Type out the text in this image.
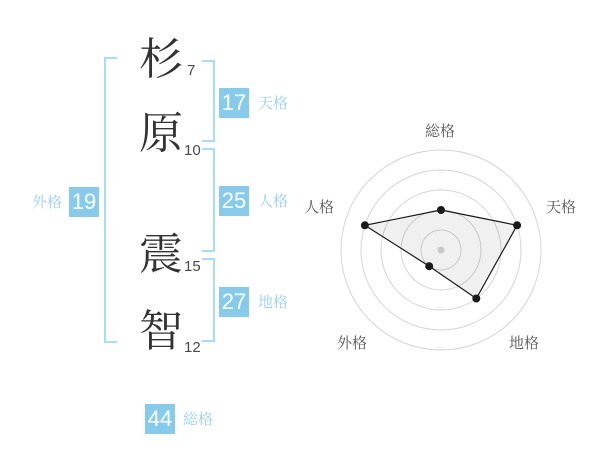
杉 7
原 10
震 15
智 12
17 天格
25 人格
27 地格
外格 19
44 総格
総格
天格
地格
外格
人格
